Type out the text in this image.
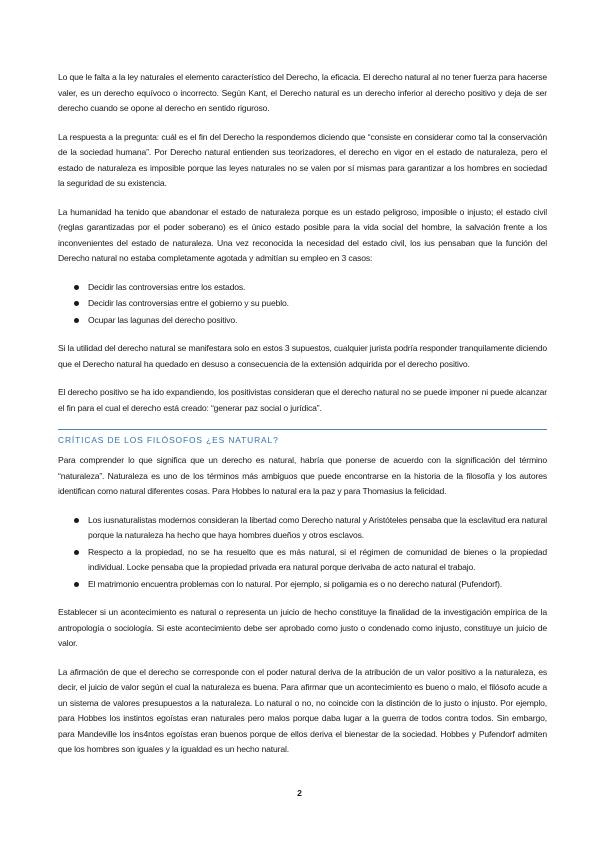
Lo que le falta a la ley naturales el elemento característico del Derecho, la eficacia. El derecho natural al no tener fuerza para hacerse valer, es un derecho equívoco o incorrecto. Según Kant, el Derecho natural es un derecho inferior al derecho positivo y deja de ser derecho cuando se opone al derecho en sentido riguroso.

La respuesta a la pregunta: cuál es el fin del Derecho la respondemos diciendo que “consiste en considerar como tal la conservación de la sociedad humana”. Por Derecho natural entienden sus teorizadores, el derecho en vigor en el estado de naturaleza, pero el estado de naturaleza es imposible porque las leyes naturales no se valen por sí mismas para garantizar a los hombres en sociedad la seguridad de su existencia.

La humanidad ha tenido que abandonar el estado de naturaleza porque es un estado peligroso, imposible o injusto; el estado civil (reglas garantizadas por el poder soberano) es el único estado posible para la vida social del hombre, la salvación frente a los inconvenientes del estado de naturaleza. Una vez reconocida la necesidad del estado civil, los ius pensaban que la función del Derecho natural no estaba completamente agotada y admitían su empleo en 3 casos:

Decidir las controversias entre los estados.
Decidir las controversias entre el gobierno y su pueblo.
Ocupar las lagunas del derecho positivo.

Si la utilidad del derecho natural se manifestara solo en estos 3 supuestos, cualquier jurista podría responder tranquilamente diciendo que el Derecho natural ha quedado en desuso a consecuencia de la extensión adquirida por el derecho positivo.

El derecho positivo se ha ido expandiendo, los positivistas consideran que el derecho natural no se puede imponer ni puede alcanzar el fin para el cual el derecho está creado: “generar paz social o jurídica”.

CRÍTICAS DE LOS FILÓSOFOS ¿ES NATURAL?

Para comprender lo que significa que un derecho es natural, habría que ponerse de acuerdo con la significación del término “naturaleza”. Naturaleza es uno de los términos más ambiguos que puede encontrarse en la historia de la filosofía y los autores identifican como natural diferentes cosas. Para Hobbes lo natural era la paz y para Thomasius la felicidad.

Los iusnaturalistas modernos consideran la libertad como Derecho natural y Aristóteles pensaba que la esclavitud era natural porque la naturaleza ha hecho que haya hombres dueños y otros esclavos.
Respecto a la propiedad, no se ha resuelto que es más natural, si el régimen de comunidad de bienes o la propiedad individual. Locke pensaba que la propiedad privada era natural porque derivaba de acto natural el trabajo.
El matrimonio encuentra problemas con lo natural. Por ejemplo, si poligamia es o no derecho natural (Pufendorf).

Establecer si un acontecimiento es natural o representa un juicio de hecho constituye la finalidad de la investigación empírica de la antropología o sociología. Si este acontecimiento debe ser aprobado como justo o condenado como injusto, constituye un juicio de valor.

La afirmación de que el derecho se corresponde con el poder natural deriva de la atribución de un valor positivo a la naturaleza, es decir, el juicio de valor según el cual la naturaleza es buena. Para afirmar que un acontecimiento es bueno o malo, el filósofo acude a un sistema de valores presupuestos a la naturaleza. Lo natural o no, no coincide con la distinción de lo justo o injusto. Por ejemplo, para Hobbes los instintos egoístas eran naturales pero malos porque daba lugar a la guerra de todos contra todos. Sin embargo, para Mandeville los ins4ntos egoístas eran buenos porque de ellos deriva el bienestar de la sociedad. Hobbes y Pufendorf admiten que los hombres son iguales y la igualdad es un hecho natural.

2
